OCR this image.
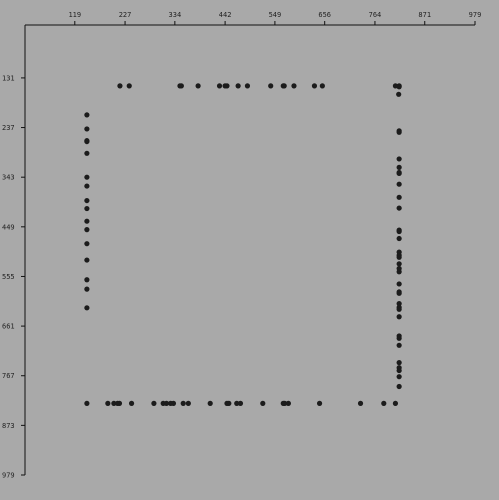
119	227	334	442	549	656	764	871	979
131
237
343
449
555
661
767
873
979
